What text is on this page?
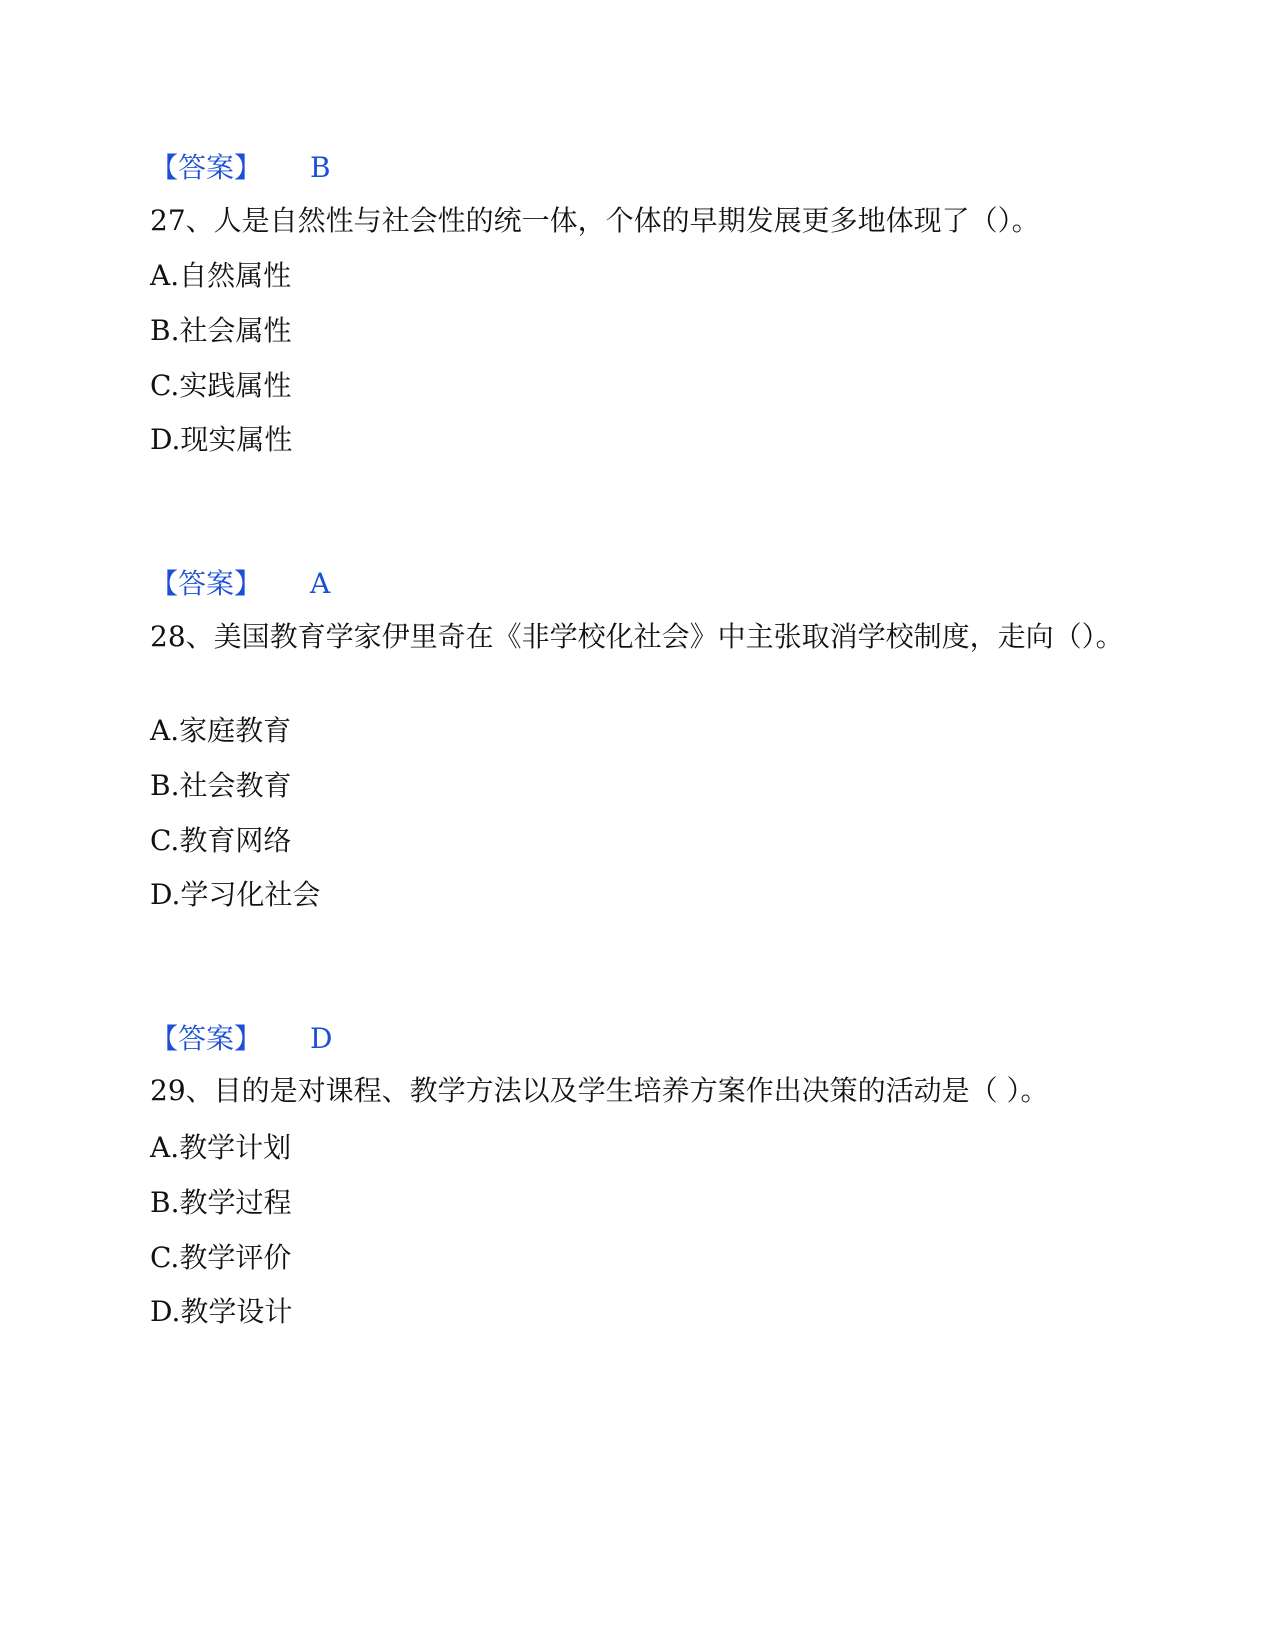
【答案】 B
27、人是自然性与社会性的统一体，个体的早期发展更多地体现了（）。
A.自然属性
B.社会属性
C.实践属性
D.现实属性
【答案】 A
28、美国教育学家伊里奇在《非学校化社会》中主张取消学校制度，走向（）。
A.家庭教育
B.社会教育
C.教育网络
D.学习化社会
【答案】 D
29、目的是对课程、教学方法以及学生培养方案作出决策的活动是（ ）。
A.教学计划
B.教学过程
C.教学评价
D.教学设计
